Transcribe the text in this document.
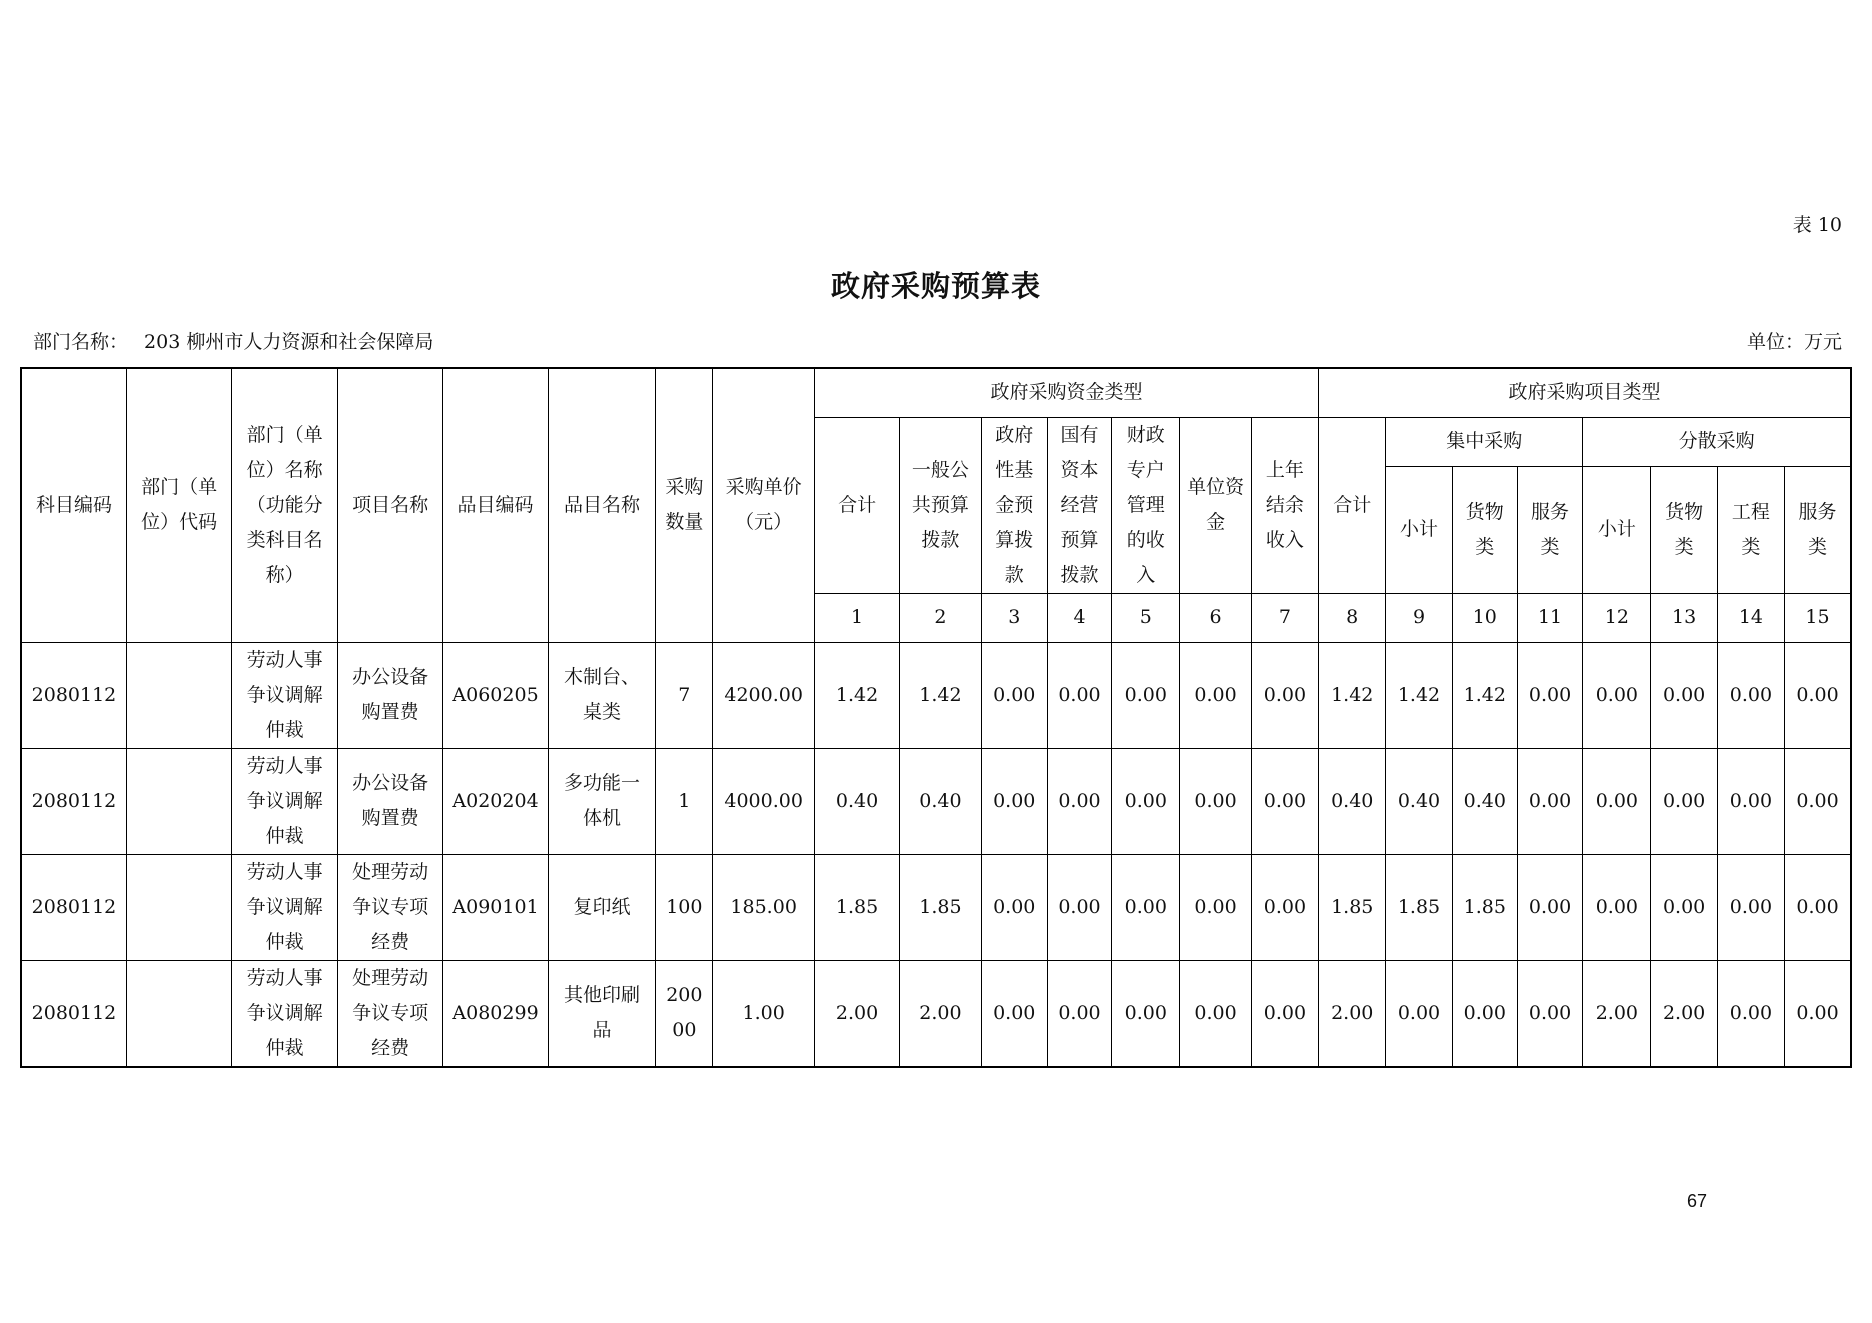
表 10
政府采购预算表
部门名称： 203 柳州市人力资源和社会保障局	单位：万元
科目编码	部门（单位）代码	部门（单位）名称（功能分类科目名称）	项目名称	品目编码	品目名称	采购数量	采购单价（元）	政府采购资金类型							政府采购项目类型							
								合计	一般公共预算拨款	政府性基金预算拨款	国有资本经营预算拨款	财政专户管理的收入	单位资金	上年结余收入	合计	集中采购			分散采购			
																小计	货物类	服务类	小计	货物类	工程类	服务类
								1	2	3	4	5	6	7	8	9	10	11	12	13	14	15
2080112		劳动人事争议调解仲裁	办公设备购置费	A060205	木制台、桌类	7	4200.00	1.42	1.42	0.00	0.00	0.00	0.00	0.00	1.42	1.42	1.42	0.00	0.00	0.00	0.00	0.00
2080112		劳动人事争议调解仲裁	办公设备购置费	A020204	多功能一体机	1	4000.00	0.40	0.40	0.00	0.00	0.00	0.00	0.00	0.40	0.40	0.40	0.00	0.00	0.00	0.00	0.00
2080112		劳动人事争议调解仲裁	处理劳动争议专项经费	A090101	复印纸	100	185.00	1.85	1.85	0.00	0.00	0.00	0.00	0.00	1.85	1.85	1.85	0.00	0.00	0.00	0.00	0.00
2080112		劳动人事争议调解仲裁	处理劳动争议专项经费	A080299	其他印刷品	20000	1.00	2.00	2.00	0.00	0.00	0.00	0.00	0.00	2.00	0.00	0.00	0.00	2.00	2.00	0.00	0.00
67
